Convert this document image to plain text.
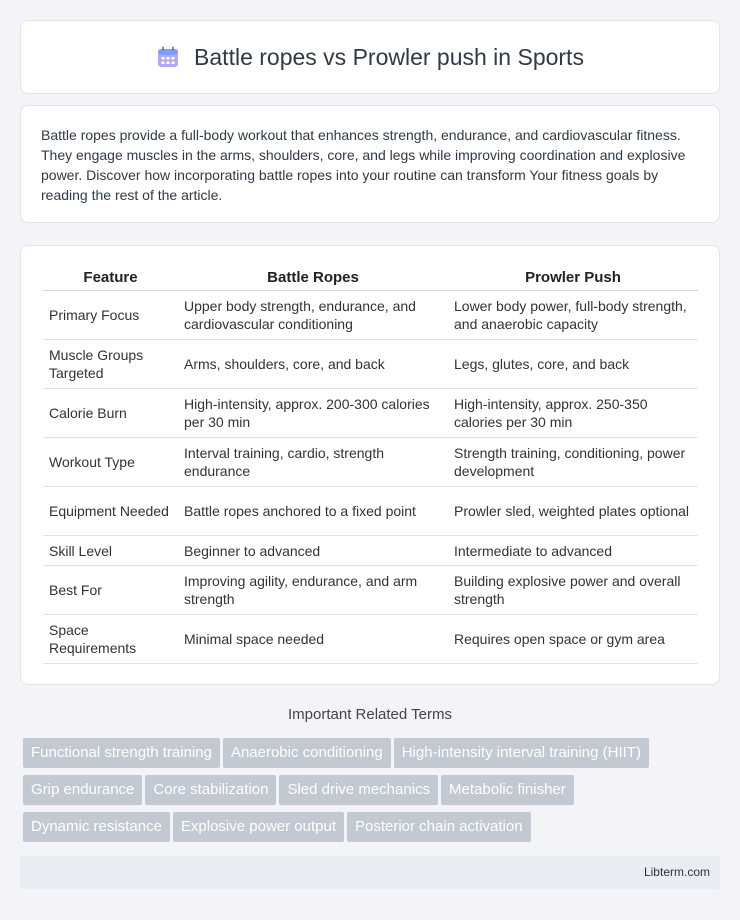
Battle ropes vs Prowler push in Sports

Battle ropes provide a full-body workout that enhances strength, endurance, and cardiovascular fitness. They engage muscles in the arms, shoulders, core, and legs while improving coordination and explosive power. Discover how incorporating battle ropes into your routine can transform Your fitness goals by reading the rest of the article.

Feature	Battle Ropes	Prowler Push
Primary Focus	Upper body strength, endurance, and cardiovascular conditioning	Lower body power, full-body strength, and anaerobic capacity
Muscle Groups Targeted	Arms, shoulders, core, and back	Legs, glutes, core, and back
Calorie Burn	High-intensity, approx. 200-300 calories per 30 min	High-intensity, approx. 250-350 calories per 30 min
Workout Type	Interval training, cardio, strength endurance	Strength training, conditioning, power development
Equipment Needed	Battle ropes anchored to a fixed point	Prowler sled, weighted plates optional
Skill Level	Beginner to advanced	Intermediate to advanced
Best For	Improving agility, endurance, and arm strength	Building explosive power and overall strength
Space Requirements	Minimal space needed	Requires open space or gym area
Important Related Terms
Functional strength training Anaerobic conditioning High-intensity interval training (HIIT)
Grip endurance Core stabilization Sled drive mechanics Metabolic finisher
Dynamic resistance Explosive power output Posterior chain activation
Libterm.com
